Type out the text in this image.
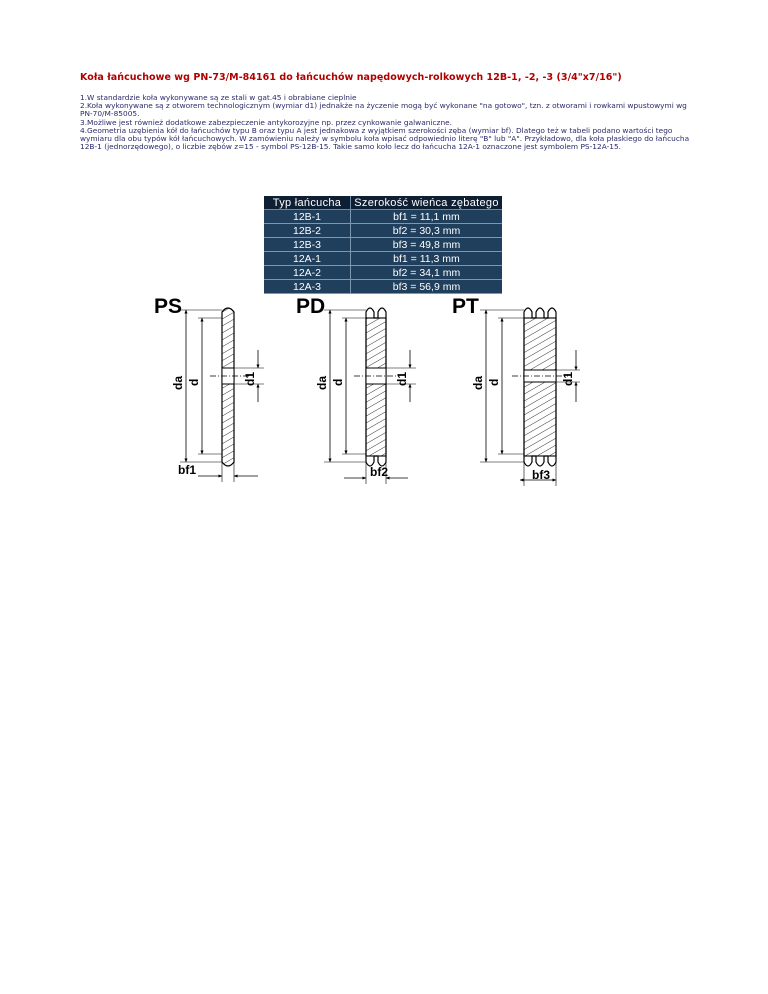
Koła łańcuchowe wg PN-73/M-84161 do łańcuchów napędowych-rolkowych 12B-1, -2, -3 (3/4"x7/16")

1.W standardzie koła wykonywane są ze stali w gat.45 i obrabiane cieplnie

2.Koła wykonywane są z otworem technologicznym (wymiar d1) jednakże na życzenie mogą być wykonane "na gotowo", tzn. z otworami i rowkami wpustowymi wg PN-70/M-85005.

3.Możliwe jest również dodatkowe zabezpieczenie antykorozyjne np. przez cynkowanie galwaniczne.

4.Geometria uzębienia kół do łańcuchów typu B oraz typu A jest jednakowa z wyjątkiem szerokości zęba (wymiar bf). Dlatego też w tabeli podano wartości tego wymiaru dla obu typów kół łańcuchowych. W zamówieniu należy w symbolu koła wpisać odpowiednio literę "B" lub "A". Przykładowo, dla koła płaskiego do łańcucha 12B-1 (jednorzędowego), o liczbie zębów z=15 - symbol PS-12B-15. Takie samo koło lecz do łańcucha 12A-1 oznaczone jest symbolem PS-12A-15.

Typ łańcucha	Szerokość wieńca zębatego
12B-1	bf1 = 11,1 mm
12B-2	bf2 = 30,3 mm
12B-3	bf3 = 49,8 mm
12A-1	bf1 = 11,3 mm
12A-2	bf2 = 34,1 mm
12A-3	bf3 = 56,9 mm
PS
da d	d1
bf1
PD
da d	d1
bf2
PT
da d	d1
bf3
